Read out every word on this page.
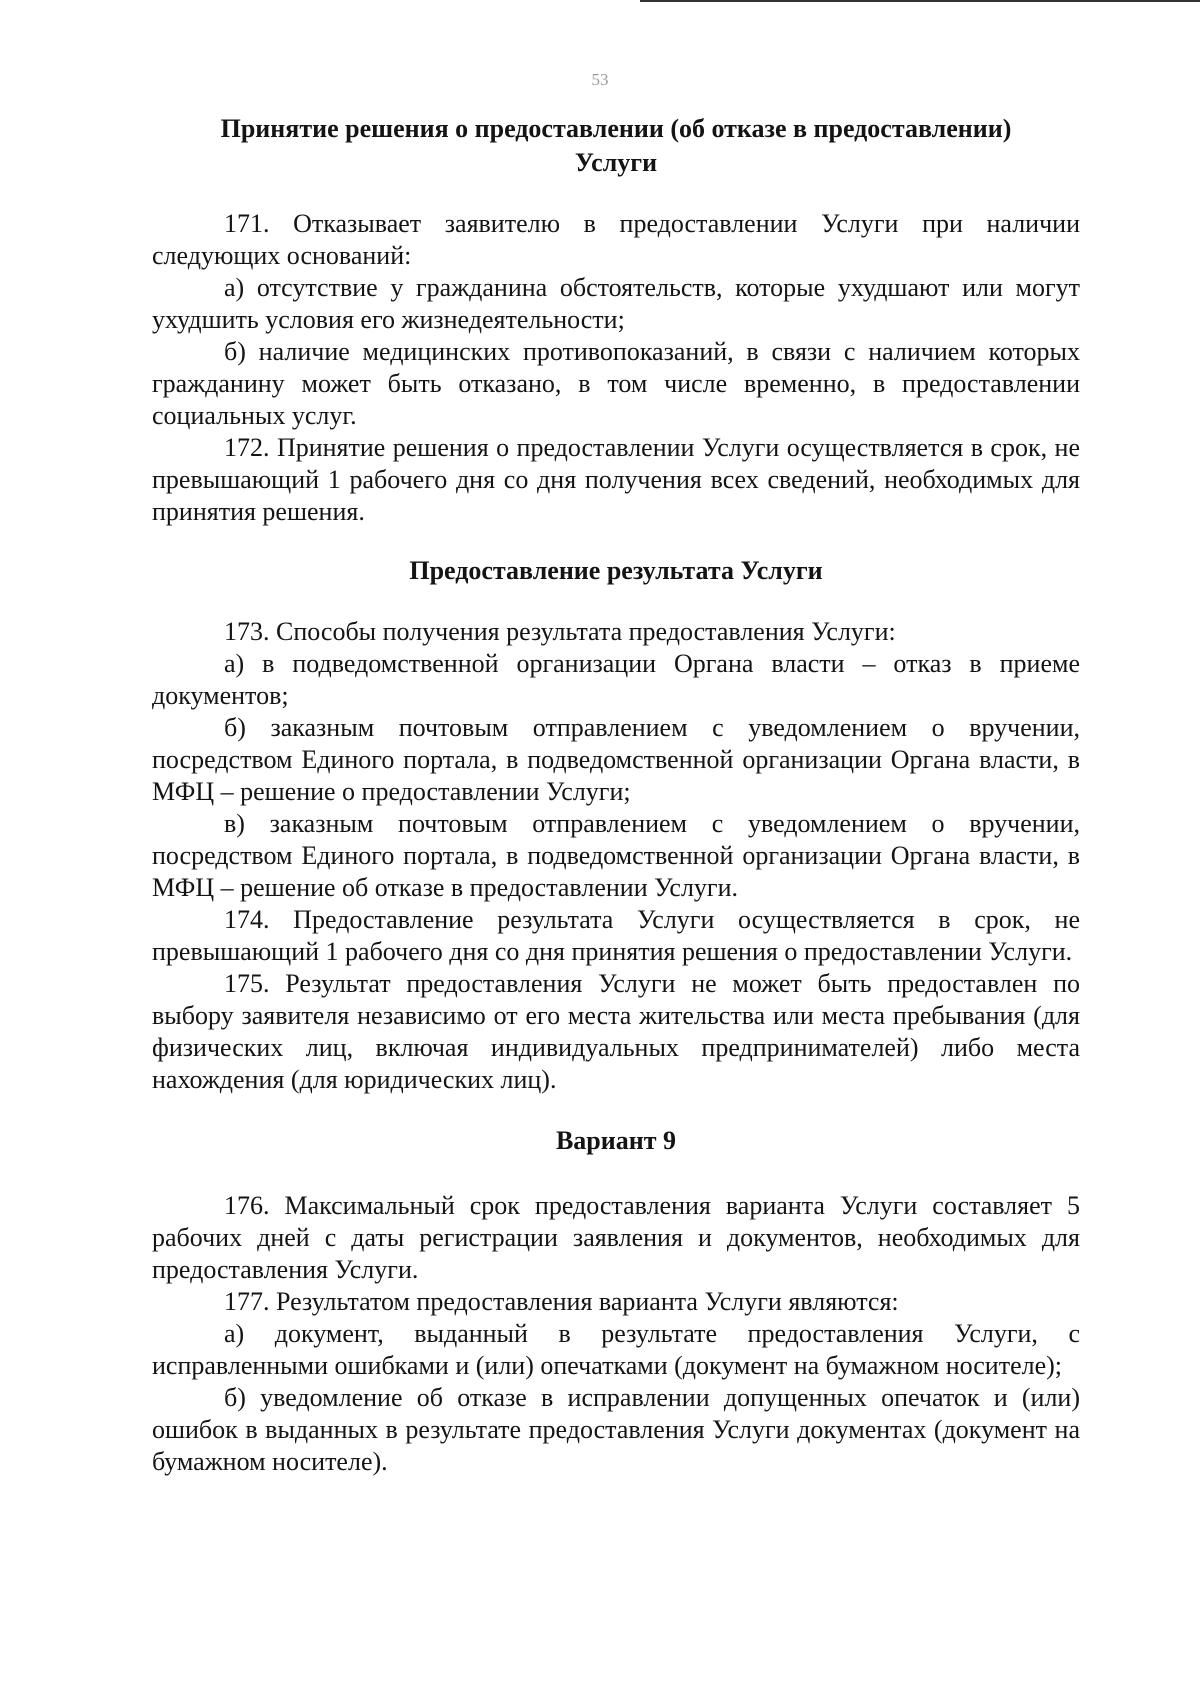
53
Принятие решения о предоставлении (об отказе в предоставлении)
Услуги

171. Отказывает заявителю в предоставлении Услуги при наличии следующих оснований:

а) отсутствие у гражданина обстоятельств, которые ухудшают или могут ухудшить условия его жизнедеятельности;

б) наличие медицинских противопоказаний, в связи с наличием которых гражданину может быть отказано, в том числе временно, в предоставлении социальных услуг.

172. Принятие решения о предоставлении Услуги осуществляется в срок, не превышающий 1 рабочего дня со дня получения всех сведений, необходимых для принятия решения.

Предоставление результата Услуги

173. Способы получения результата предоставления Услуги:

а) в подведомственной организации Органа власти – отказ в приеме документов;

б) заказным почтовым отправлением с уведомлением о вручении, посредством Единого портала, в подведомственной организации Органа власти, в МФЦ – решение о предоставлении Услуги;

в) заказным почтовым отправлением с уведомлением о вручении, посредством Единого портала, в подведомственной организации Органа власти, в МФЦ – решение об отказе в предоставлении Услуги.

174. Предоставление результата Услуги осуществляется в срок, не превышающий 1 рабочего дня со дня принятия решения о предоставлении Услуги.

175. Результат предоставления Услуги не может быть предоставлен по выбору заявителя независимо от его места жительства или места пребывания (для физических лиц, включая индивидуальных предпринимателей) либо места нахождения (для юридических лиц).

Вариант 9

176. Максимальный срок предоставления варианта Услуги составляет 5 рабочих дней с даты регистрации заявления и документов, необходимых для предоставления Услуги.

177. Результатом предоставления варианта Услуги являются:

а) документ, выданный в результате предоставления Услуги, с исправленными ошибками и (или) опечатками (документ на бумажном носителе);

б) уведомление об отказе в исправлении допущенных опечаток и (или) ошибок в выданных в результате предоставления Услуги документах (документ на бумажном носителе).
